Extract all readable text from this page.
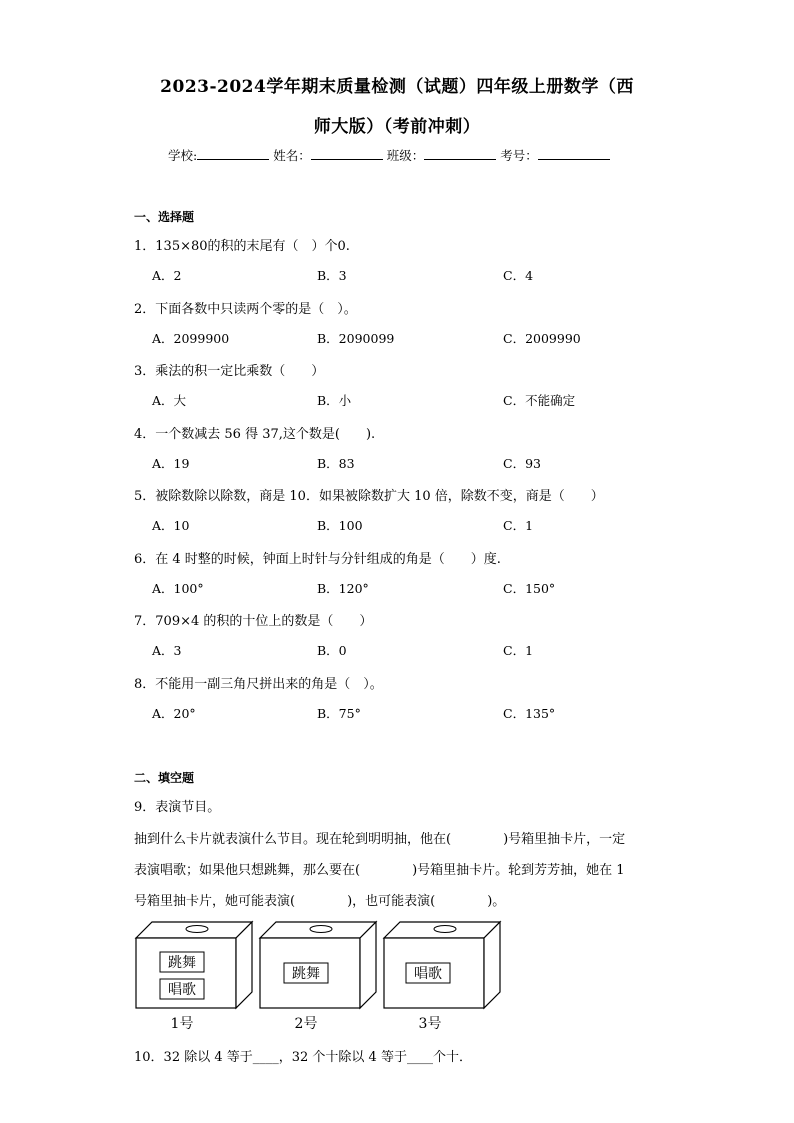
2023-2024学年期末质量检测（试题）四年级上册数学（西
师大版）（考前冲刺）
学校:	姓名：	班级：	考号：
一、选择题
1．135×80的积的末尾有（　）个0.
A．2	B．3	C．4
2．下面各数中只读两个零的是（　）。
A．2099900	B．2090099	C．2009990
3．乘法的积一定比乘数（　　）
A．大	B．小	C．不能确定
4．一个数减去 56 得 37,这个数是(　　).
A．19	B．83	C．93
5．被除数除以除数，商是 10．如果被除数扩大 10 倍，除数不变，商是（　　）
A．10	B．100	C．1
6．在 4 时整的时候，钟面上时针与分针组成的角是（　　）度.
A．100°	B．120°	C．150°
7．709×4 的积的十位上的数是（　　）
A．3	B．0	C．1
8．不能用一副三角尺拼出来的角是（　）。
A．20°	B．75°	C．135°
二、填空题
9．表演节目。
抽到什么卡片就表演什么节目。现在轮到明明抽，他在(　　　　)号箱里抽卡片，一定
表演唱歌；如果他只想跳舞，那么要在(　　　　)号箱里抽卡片。轮到芳芳抽，她在 1
号箱里抽卡片，她可能表演(　　　　)，也可能表演(　　　　)。
跳舞
唱歌
1号
跳舞
2号
唱歌
3号
10．32 除以 4 等于____，32 个十除以 4 等于____个十．
